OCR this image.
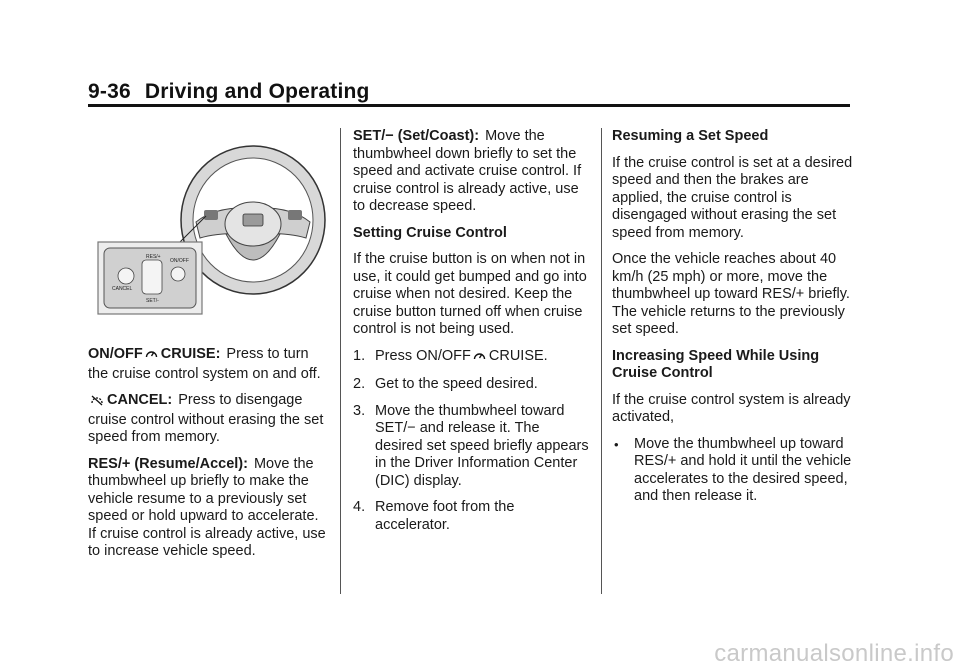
9-36 Driving and Operating
RES/+
ON/OFF
SET/-
CANCEL

ON/OFF CRUISE: Press to turn the cruise control system on and off.

CANCEL: Press to disengage cruise control without erasing the set speed from memory.

RES/+ (Resume/Accel): Move the thumbwheel up briefly to make the vehicle resume to a previously set speed or hold upward to accelerate. If cruise control is already active, use to increase vehicle speed.

SET/− (Set/Coast): Move the thumbwheel down briefly to set the speed and activate cruise control. If cruise control is already active, use to decrease speed.

Setting Cruise Control

If the cruise button is on when not in use, it could get bumped and go into cruise when not desired. Keep the cruise button turned off when cruise control is not being used.

1. Press ON/OFF CRUISE.
2. Get to the speed desired.
3. Move the thumbwheel toward SET/− and release it. The desired set speed briefly appears in the Driver Information Center (DIC) display.
4. Remove foot from the accelerator.

Resuming a Set Speed

If the cruise control is set at a desired speed and then the brakes are applied, the cruise control is disengaged without erasing the set speed from memory.

Once the vehicle reaches about 40 km/h (25 mph) or more, move the thumbwheel up toward RES/+ briefly. The vehicle returns to the previously set speed.

Increasing Speed While Using Cruise Control

If the cruise control system is already activated,

• Move the thumbwheel up toward RES/+ and hold it until the vehicle accelerates to the desired speed, and then release it.
carmanualsonline.info
